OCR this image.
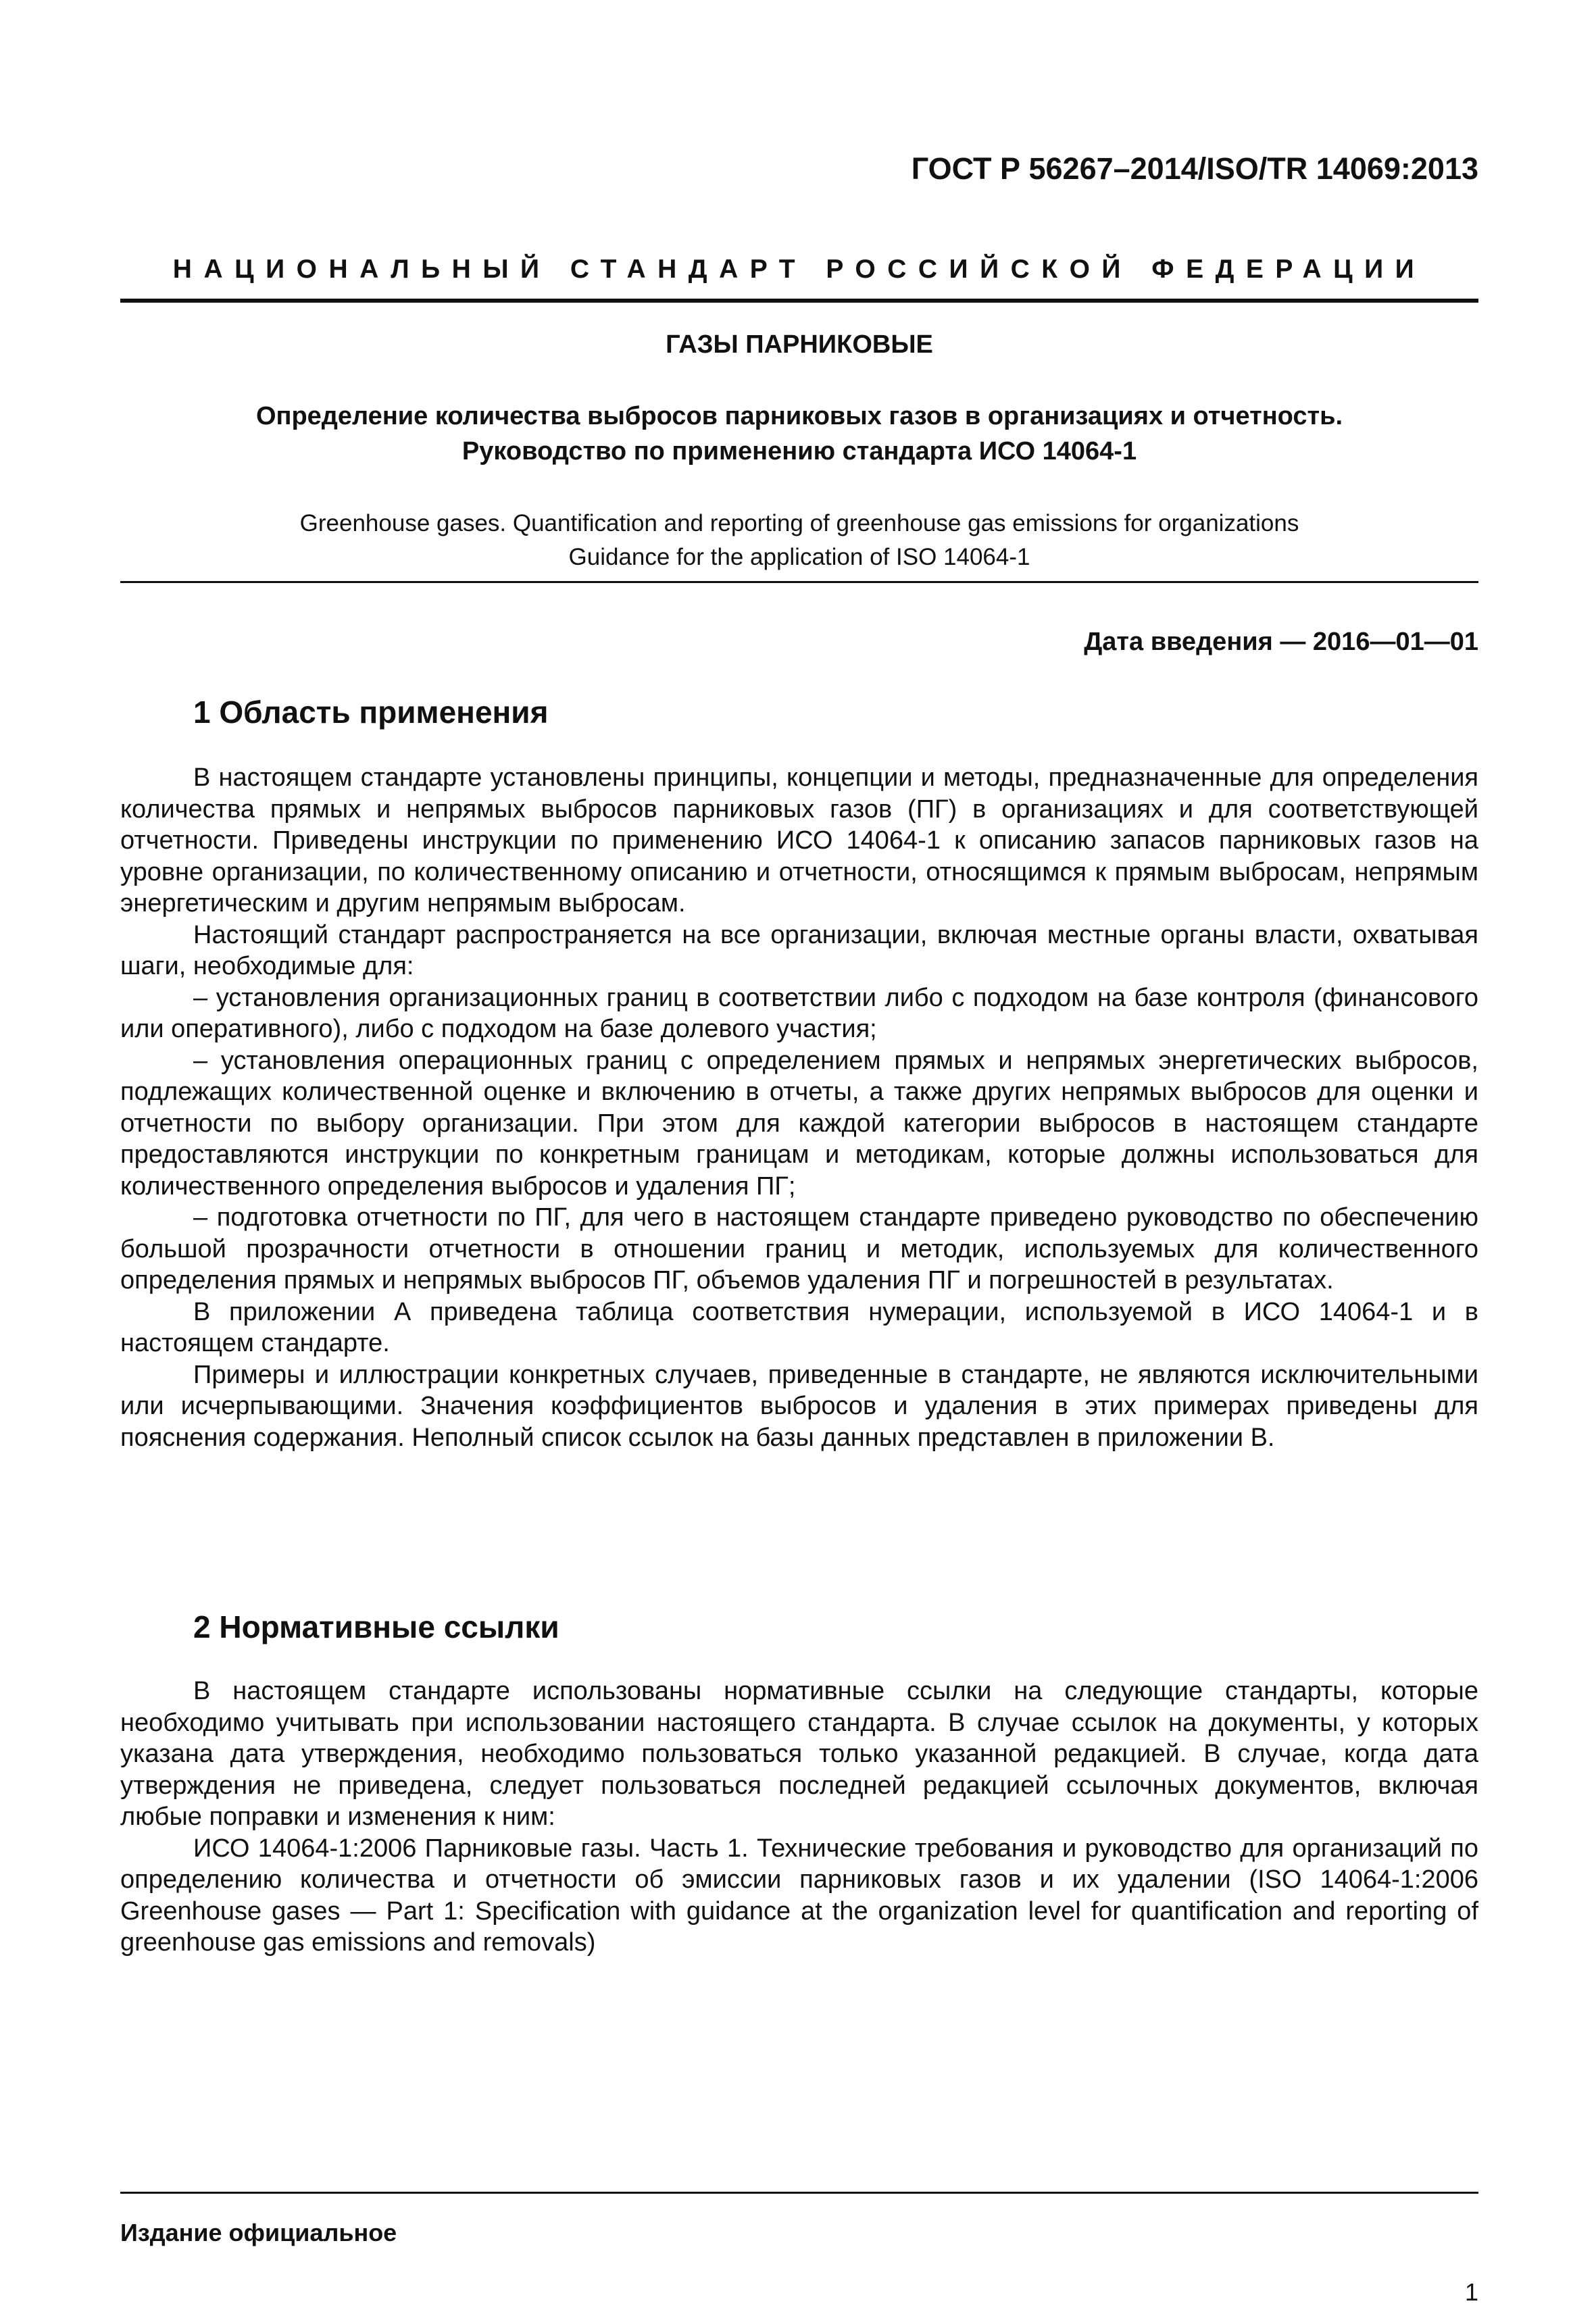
ГОСТ Р 56267–2014/ISO/TR 14069:2013
НАЦИОНАЛЬНЫЙ СТАНДАРТ РОССИЙСКОЙ ФЕДЕРАЦИИ
ГАЗЫ ПАРНИКОВЫЕ
Определение количества выбросов парниковых газов в организациях и отчетность.
Руководство по применению стандарта ИСО 14064-1
Greenhouse gases. Quantification and reporting of greenhouse gas emissions for organizations
Guidance for the application of ISO 14064-1
Дата введения — 2016—01—01
1 Область применения

В настоящем стандарте установлены принципы, концепции и методы, предназначенные для определения количества прямых и непрямых выбросов парниковых газов (ПГ) в организациях и для соответствующей отчетности. Приведены инструкции по применению ИСО 14064-1 к описанию запасов парниковых газов на уровне организации, по количественному описанию и отчетности, относящимся к прямым выбросам, непрямым энергетическим и другим непрямым выбросам.

Настоящий стандарт распространяется на все организации, включая местные органы власти, охватывая шаги, необходимые для:

– установления организационных границ в соответствии либо с подходом на базе контроля (финансового или оперативного), либо с подходом на базе долевого участия;

– установления операционных границ с определением прямых и непрямых энергетических выбросов, подлежащих количественной оценке и включению в отчеты, а также других непрямых выбросов для оценки и отчетности по выбору организации. При этом для каждой категории выбросов в настоящем стандарте предоставляются инструкции по конкретным границам и методикам, которые должны использоваться для количественного определения выбросов и удаления ПГ;

– подготовка отчетности по ПГ, для чего в настоящем стандарте приведено руководство по обеспечению большой прозрачности отчетности в отношении границ и методик, используемых для количественного определения прямых и непрямых выбросов ПГ, объемов удаления ПГ и погрешностей в результатах.

В приложении А приведена таблица соответствия нумерации, используемой в ИСО 14064-1 и в настоящем стандарте.

Примеры и иллюстрации конкретных случаев, приведенные в стандарте, не являются исключительными или исчерпывающими. Значения коэффициентов выбросов и удаления в этих примерах приведены для пояснения содержания. Неполный список ссылок на базы данных представлен в приложении В.

2 Нормативные ссылки

В настоящем стандарте использованы нормативные ссылки на следующие стандарты, которые необходимо учитывать при использовании настоящего стандарта. В случае ссылок на документы, у которых указана дата утверждения, необходимо пользоваться только указанной редакцией. В случае, когда дата утверждения не приведена, следует пользоваться последней редакцией ссылочных документов, включая любые поправки и изменения к ним:

ИСО 14064-1:2006 Парниковые газы. Часть 1. Технические требования и руководство для организаций по определению количества и отчетности об эмиссии парниковых газов и их удалении (ISO 14064-1:2006 Greenhouse gases — Part 1: Specification with guidance at the organization level for quantification and reporting of greenhouse gas emissions and removals)

Издание официальное
1
